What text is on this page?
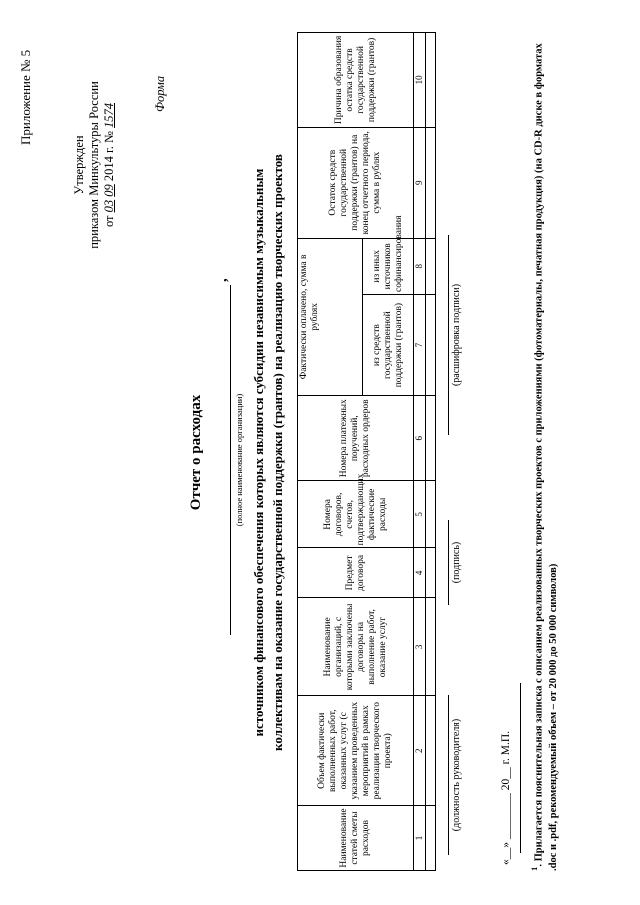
Приложение № 5
Утвержден приказом Минкультуры России от 03 09 2014 г. № 1574
Форма
Отчет о расходах
,
(полное наименование организации) источником финансового обеспечения которых являются субсидии независимым музыкальным коллективам на оказание государственной поддержки (грантов) на реализацию творческих проектов
Наименование статей сметы расходов	Объем фактически выполненных работ, оказанных услуг (с указанием проведенных мероприятий в рамках реализации творческого проекта)	Наименование организаций, с которыми заключены договоры на выполнение работ, оказание услуг	Предмет договора	Номера договоров, счетов, подтверждающих фактические расходы	Номера платежных поручений, расходных ордеров	Фактически оплачено, сумма в рублях		Остаток средств государственной поддержки (грантов) на конец отчетного периода, сумма в рублях	Причина образования остатка средств государственной поддержки (грантов)
						из средств государственной поддержки (грантов)	из иных источников софинансирования		
1	2	3	4	5	6	7	8	9	10

(должность руководителя)
(подпись)
(расшифровка подписи)
«__» ________ 20__ г. М.П.
$^1$. Прилагается пояснительная записка с описанием реализованных творческих проектов с приложениями (фотоматериалы, печатная продукция) (на CD-R диске в форматах .doc и .pdf, рекомендуемый объем – от 20 000 до 50 000 символов)
